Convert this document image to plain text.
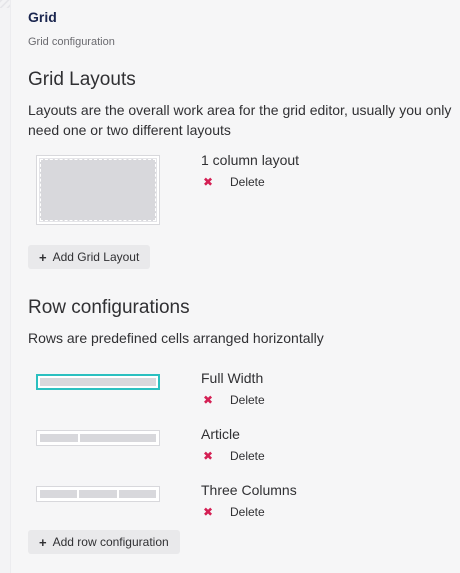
Grid
Grid configuration
Grid Layouts
Layouts are the overall work area for the grid editor, usually you only need one or two different layouts
1 column layout
✖	Delete
+ Add Grid Layout
Row configurations
Rows are predefined cells arranged horizontally
Full Width
✖	Delete
Article
✖	Delete
Three Columns
✖	Delete
+ Add row configuration
